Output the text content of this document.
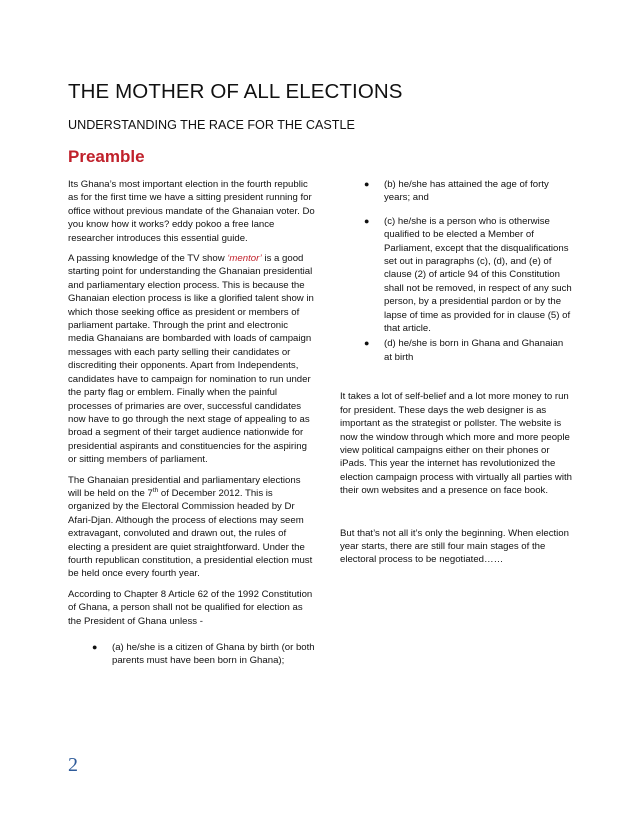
THE MOTHER OF ALL ELECTIONS
UNDERSTANDING THE RACE FOR THE CASTLE
Preamble

Its Ghana’s most important election in the fourth republic as for the first time we have a sitting president running for office without previous mandate of the Ghanaian voter. Do you know how it works? eddy pokoo a free lance researcher introduces this essential guide.

A passing knowledge of the TV show ‘mentor’ is a good starting point for understanding the Ghanaian presidential and parliamentary election process. This is because the Ghanaian election process is like a glorified talent show in which those seeking office as president or members of parliament partake. Through the print and electronic media Ghanaians are bombarded with loads of campaign messages with each party selling their candidates or discrediting their opponents. Apart from Independents, candidates have to campaign for nomination to run under the party flag or emblem. Finally when the painful processes of primaries are over, successful candidates now have to go through the next stage of appealing to as broad a segment of their target audience nationwide for presidential aspirants and constituencies for the aspiring or sitting members of parliament.

The Ghanaian presidential and parliamentary elections will be held on the 7th of December 2012. This is organized by the Electoral Commission headed by Dr Afari-Djan. Although the process of elections may seem extravagant, convoluted and drawn out, the rules of electing a president are quiet straightforward. Under the fourth republican constitution, a presidential election must be held once every fourth year.

According to Chapter 8 Article 62 of the 1992 Constitution of Ghana, a person shall not be qualified for election as the President of Ghana unless -

● (a) he/she is a citizen of Ghana by birth (or both parents must have been born in Ghana);
● (b) he/she has attained the age of forty years; and
● (c) he/she is a person who is otherwise qualified to be elected a Member of Parliament, except that the disqualifications set out in paragraphs (c), (d), and (e) of clause (2) of article 94 of this Constitution shall not be removed, in respect of any such person, by a presidential pardon or by the lapse of time as provided for in clause (5) of that article.
● (d) he/she is born in Ghana and Ghanaian at birth

It takes a lot of self-belief and a lot more money to run for president. These days the web designer is as important as the strategist or pollster. The website is now the window through which more and more people view political campaigns either on their phones or iPads. This year the internet has revolutionized the election campaign process with virtually all parties with their own websites and a presence on face book.

But that’s not all it’s only the beginning. When election year starts, there are still four main stages of the electoral process to be negotiated……

2
